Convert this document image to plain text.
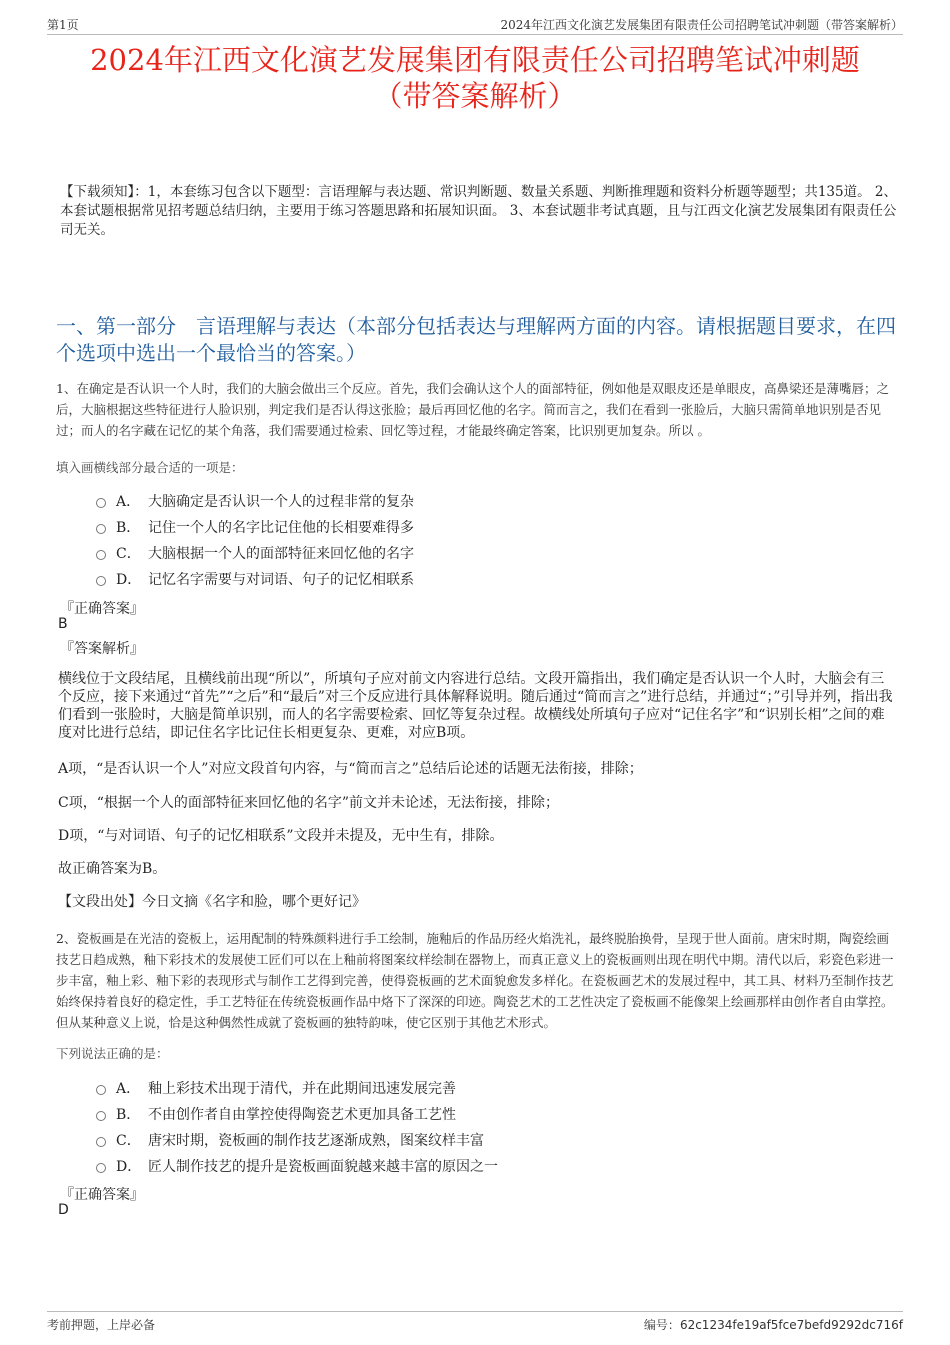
第1页	2024年江西文化演艺发展集团有限责任公司招聘笔试冲刺题（带答案解析）
2024年江西文化演艺发展集团有限责任公司招聘笔试冲刺题
（带答案解析）
【下载须知】：1，本套练习包含以下题型：言语理解与表达题、常识判断题、数量关系题、判断推理题和资料分析题等题型；共135道。 2、本套试题根据常见招考题总结归纳，主要用于练习答题思路和拓展知识面。 3、本套试题非考试真题，且与江西文化演艺发展集团有限责任公司无关。
一、第一部分　言语理解与表达（本部分包括表达与理解两方面的内容。请根据题目要求，在四个选项中选出一个最恰当的答案。）
1、在确定是否认识一个人时，我们的大脑会做出三个反应。首先，我们会确认这个人的面部特征，例如他是双眼皮还是单眼皮，高鼻梁还是薄嘴唇；之后，大脑根据这些特征进行人脸识别，判定我们是否认得这张脸；最后再回忆他的名字。简而言之，我们在看到一张脸后，大脑只需简单地识别是否见过；而人的名字藏在记忆的某个角落，我们需要通过检索、回忆等过程，才能最终确定答案，比识别更加复杂。所以 。
填入画横线部分最合适的一项是：
A． 大脑确定是否认识一个人的过程非常的复杂
B． 记住一个人的名字比记住他的长相要难得多
C． 大脑根据一个人的面部特征来回忆他的名字
D． 记忆名字需要与对词语、句子的记忆相联系
『正确答案』
B
『答案解析』
横线位于文段结尾，且横线前出现“所以”，所填句子应对前文内容进行总结。文段开篇指出，我们确定是否认识一个人时，大脑会有三个反应，接下来通过“首先”“之后”和“最后”对三个反应进行具体解释说明。随后通过“简而言之”进行总结，并通过“；”引导并列，指出我们看到一张脸时，大脑是简单识别，而人的名字需要检索、回忆等复杂过程。故横线处所填句子应对“记住名字”和“识别长相”之间的难度对比进行总结，即记住名字比记住长相更复杂、更难，对应B项。
A项，“是否认识一个人”对应文段首句内容，与“简而言之”总结后论述的话题无法衔接，排除；
C项，“根据一个人的面部特征来回忆他的名字”前文并未论述，无法衔接，排除；
D项，“与对词语、句子的记忆相联系”文段并未提及，无中生有，排除。
故正确答案为B。
【文段出处】今日文摘《名字和脸，哪个更好记》
2、瓷板画是在光洁的瓷板上，运用配制的特殊颜料进行手工绘制，施釉后的作品历经火焰洗礼，最终脱胎换骨，呈现于世人面前。唐宋时期，陶瓷绘画技艺日趋成熟，釉下彩技术的发展使工匠们可以在上釉前将图案纹样绘制在器物上，而真正意义上的瓷板画则出现在明代中期。清代以后，彩瓷色彩进一步丰富，釉上彩、釉下彩的表现形式与制作工艺得到完善，使得瓷板画的艺术面貌愈发多样化。在瓷板画艺术的发展过程中，其工具、材料乃至制作技艺始终保持着良好的稳定性，手工艺特征在传统瓷板画作品中烙下了深深的印迹。陶瓷艺术的工艺性决定了瓷板画不能像架上绘画那样由创作者自由掌控。但从某种意义上说，恰是这种偶然性成就了瓷板画的独特韵味，使它区别于其他艺术形式。
下列说法正确的是：
A． 釉上彩技术出现于清代，并在此期间迅速发展完善
B． 不由创作者自由掌控使得陶瓷艺术更加具备工艺性
C． 唐宋时期，瓷板画的制作技艺逐渐成熟，图案纹样丰富
D． 匠人制作技艺的提升是瓷板画面貌越来越丰富的原因之一
『正确答案』
D
考前押题，上岸必备	编号：62c1234fe19af5fce7befd9292dc716f
